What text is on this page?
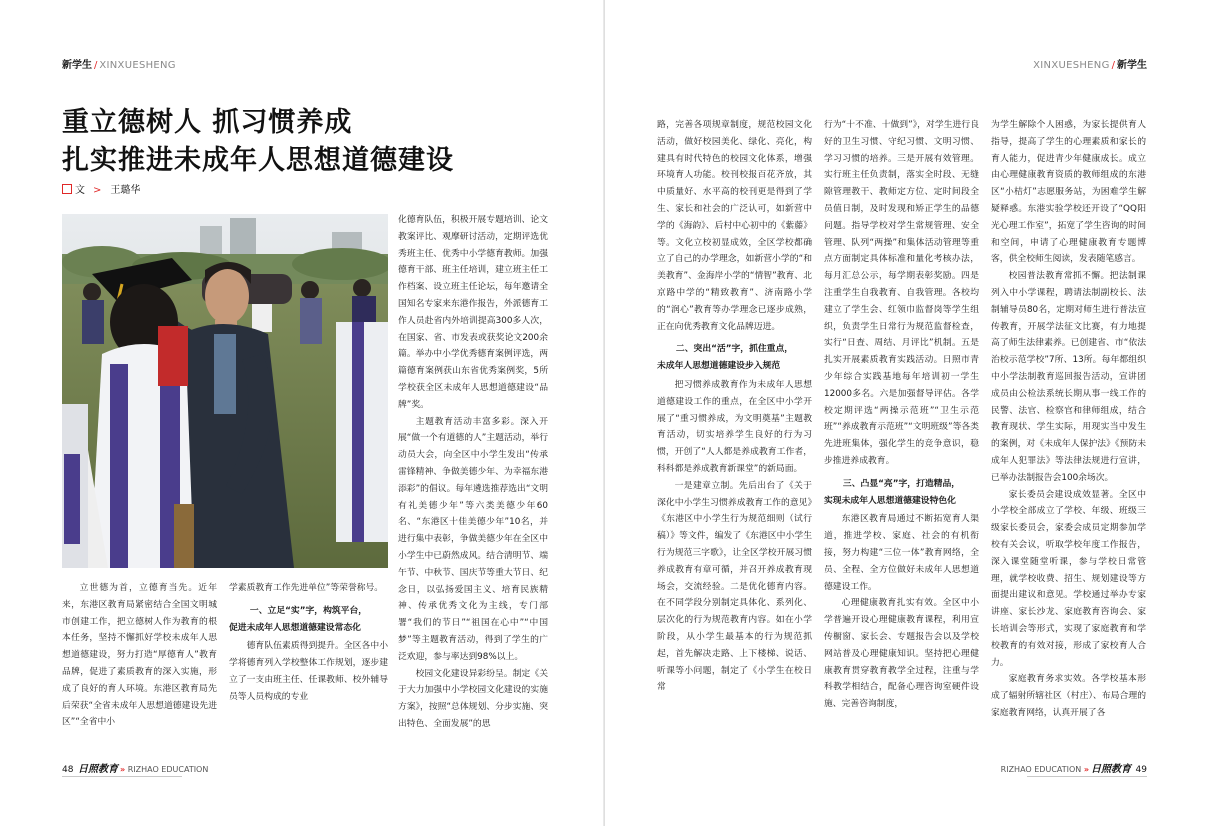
新学生 / XINXUESHENG
重立德树人 抓习惯养成
扎实推进未成年人思想道德建设
文 > 王璐华

立世德为首，立德育当先。近年来，东港区教育局紧密结合全国文明城市创建工作，把立德树人作为教育的根本任务，坚持不懈抓好学校未成年人思想道德建设，努力打造“厚德育人”教育品牌，促进了素质教育的深入实施，形成了良好的育人环境。东港区教育局先后荣获“全省未成年人思想道德建设先进区”“全省中小

学素质教育工作先进单位”等荣誉称号。

一、立足“实”字，构筑平台，
促进未成年人思想道德建设常态化

德育队伍素质得到提升。全区各中小学将德育列入学校整体工作规划，逐步建立了一支由班主任、任课教师、校外辅导员等人员构成的专业

化德育队伍，积极开展专题培训、论文教案评比、观摩研讨活动，定期评选优秀班主任、优秀中小学德育教师。加强德育干部、班主任培训，建立班主任工作档案、设立班主任论坛，每年邀请全国知名专家来东港作报告，外派德育工作人员赴省内外培训提高300多人次，在国家、省、市发表或获奖论文200余篇。举办中小学优秀德育案例评选，两篇德育案例获山东省优秀案例奖，5所学校获全区未成年人思想道德建设“品牌”奖。

主题教育活动丰富多彩。深入开展“做一个有道德的人”主题活动，举行动员大会，向全区中小学生发出“传承雷锋精神、争做美德少年、为幸福东港添彩”的倡议。每年遴选推荐选出“文明有礼美德少年”等六类美德少年60名、“东港区十佳美德少年”10名，并进行集中表彰，争做美德少年在全区中小学生中已蔚然成风。结合清明节、端午节、中秋节、国庆节等重大节日、纪念日，以弘扬爱国主义、培育民族精神、传承优秀文化为主线，专门部署“我们的节日”“祖国在心中”“中国梦”等主题教育活动，得到了学生的广泛欢迎，参与率达到98%以上。

校园文化建设异彩纷呈。制定《关于大力加强中小学校园文化建设的实施方案》，按照“总体规划、分步实施、突出特色、全面发展”的思

48 日照教育 » RIZHAO EDUCATION
XINXUESHENG / 新学生

路，完善各项规章制度，规范校园文化活动，做好校园美化、绿化、亮化，构建具有时代特色的校园文化体系，增强环境育人功能。校刊校报百花齐放，其中质量好、水平高的校刊更是得到了学生、家长和社会的广泛认可，如新营中学的《海韵》、后村中心初中的《紫藤》等。文化立校初显成效，全区学校都确立了自己的办学理念，如新营小学的“和美教育”、金海岸小学的“情智”教育、北京路中学的“精致教育”、济南路小学的“润心”教育等办学理念已逐步成熟，正在向优秀教育文化品牌迈进。

二、突出“活”字，抓住重点，
未成年人思想道德建设步入规范

把习惯养成教育作为未成年人思想道德建设工作的重点，在全区中小学开展了“重习惯养成，为文明奠基”主题教育活动，切实培养学生良好的行为习惯，开创了“人人都是养成教育工作者，科科都是养成教育新课堂”的新局面。

一是建章立制。先后出台了《关于深化中小学生习惯养成教育工作的意见》《东港区中小学生行为规范细则（试行稿）》等文件，编发了《东港区中小学生行为规范三字歌》，让全区学校开展习惯养成教育有章可循，并召开养成教育现场会，交流经验。二是优化德育内容。在不同学段分别制定具体化、系列化、层次化的行为规范教育内容。如在小学阶段，从小学生最基本的行为规范抓起，首先解决走路、上下楼梯、说话、听课等小问题，制定了《小学生在校日常

行为“十不准、十做到”》，对学生进行良好的卫生习惯、守纪习惯、文明习惯、学习习惯的培养。三是开展有效管理。实行班主任负责制，落实全时段、无缝隙管理教干、教师定方位、定时间段全员值日制，及时发现和矫正学生的品德问题。指导学校对学生常规管理、安全管理、队列“两操”和集体活动管理等重点方面制定具体标准和量化考核办法，每月汇总公示，每学期表彰奖励。四是注重学生自我教育、自我管理。各校均建立了学生会、红领巾监督岗等学生组织，负责学生日常行为规范监督检查，实行“日査、周结、月评比”机制。五是扎实开展素质教育实践活动。日照市青少年综合实践基地每年培训初一学生12000多名。六是加强督导评估。各学校定期评选“两操示范班”“卫生示范班”“养成教育示范班”“文明班级”等各类先进班集体，强化学生的竞争意识，稳步推进养成教育。

三、凸显“亮”字，打造精品，
实现未成年人思想道德建设特色化

东港区教育局通过不断拓宽育人渠道，推进学校、家庭、社会的有机衔接，努力构建“三位一体”教育网络，全员、全程、全方位做好未成年人思想道德建设工作。

心理健康教育扎实有效。全区中小学普遍开设心理健康教育课程，利用宣传橱窗、家长会、专题报告会以及学校网站普及心理健康知识。坚持把心理健康教育贯穿教育教学全过程，注重与学科教学相结合，配备心理咨询室硬件设施、完善咨询制度，

为学生解除个人困惑，为家长提供育人指导，提高了学生的心理素质和家长的育人能力，促进青少年健康成长。成立由心理健康教育资质的教师组成的东港区“小桔灯”志愿服务站，为困难学生解疑释惑。东港实验学校还开设了“QQ阳光心理工作室”，拓宽了学生咨询的时间和空间，申请了心理健康教育专题博客，供全校师生阅读，发表随笔感言。

校园普法教育常抓不懈。把法制课列入中小学课程，聘请法制副校长、法制辅导员80名，定期对师生进行普法宣传教育，开展学法征文比赛，有力地提高了师生法律素养。已创建省、市“依法治校示范学校”7所、13所。每年都组织中小学法制教育巡回报告活动，宣讲团成员由公检法系统长期从事一线工作的民警、法官、检察官和律师组成，结合教育现状、学生实际，用现实当中发生的案例，对《未成年人保护法》《预防未成年人犯罪法》等法律法规进行宣讲，已举办法制报告会100余场次。

家长委员会建设成效显著。全区中小学校全部成立了学校、年级、班级三级家长委员会，家委会成员定期参加学校有关会议，听取学校年度工作报告，深入课堂随堂听课，参与学校日常管理，就学校收费、招生、规划建设等方面提出建议和意见。学校通过举办专家讲座、家长沙龙、家庭教育咨询会、家长培训会等形式，实现了家庭教育和学校教育的有效对接，形成了家校育人合力。

家庭教育务求实效。各学校基本形成了辐射所辖社区（村庄）、布局合理的家庭教育网络，认真开展了各

RIZHAO EDUCATION » 日照教育 49
